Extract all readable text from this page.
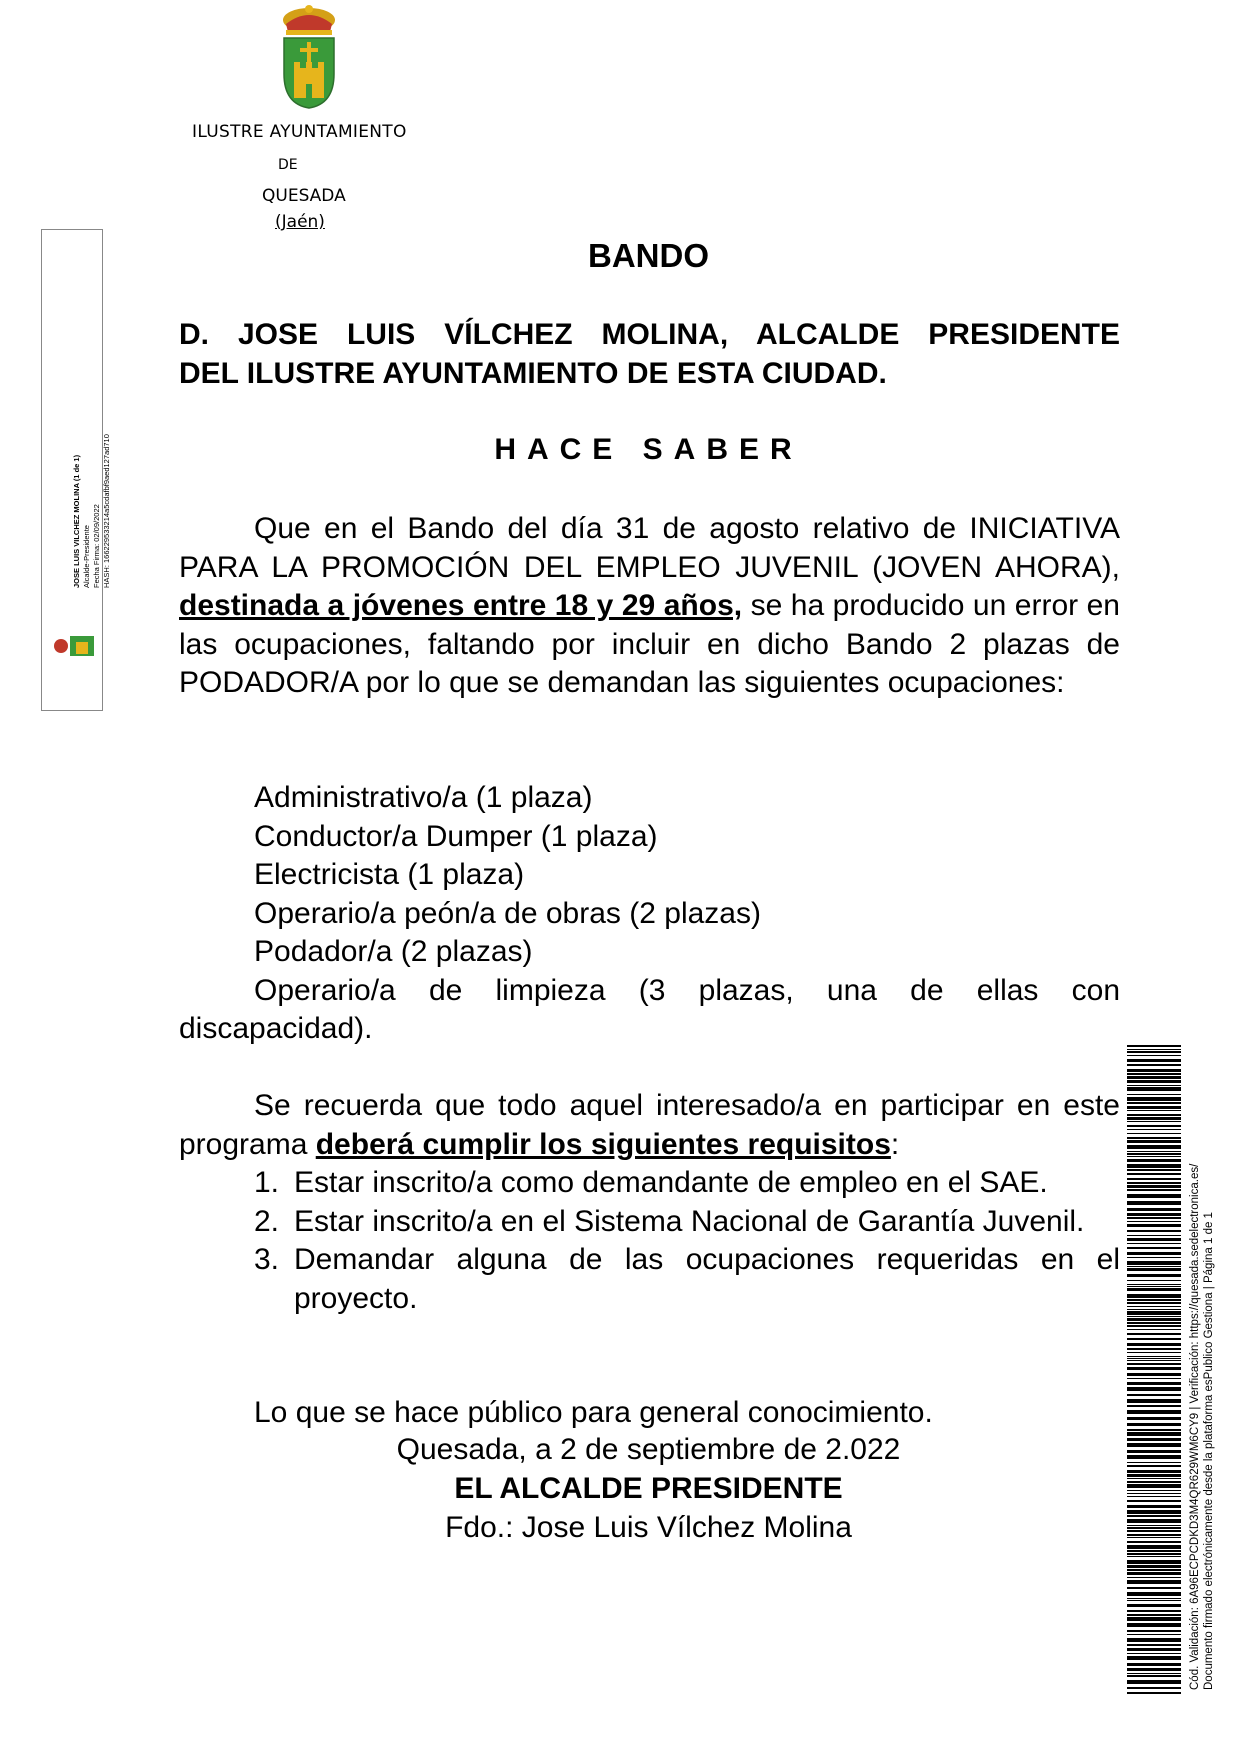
ILUSTRE AYUNTAMIENTO
DE
QUESADA
(Jaén)
JOSE LUIS VILCHEZ MOLINA (1 de 1) Alcalde-Presidente Fecha Firma: 02/09/2022 HASH: 166229533214a5cdafbf9aed127ad710
Cód. Validación: 6A96ECPCDKD3M4QR629WM6CY9 | Verificación: https://quesada.sedelectronica.es/ Documento firmado electrónicamente desde la plataforma esPublico Gestiona | Página 1 de 1
BANDO
D. JOSE LUIS VÍLCHEZ MOLINA, ALCALDE PRESIDENTE
DEL ILUSTRE AYUNTAMIENTO DE ESTA CIUDAD.
HACE SABER
Que en el Bando del día 31 de agosto relativo de INICIATIVA PARA LA PROMOCIÓN DEL EMPLEO JUVENIL (JOVEN AHORA), destinada a jóvenes entre 18 y 29 años, se ha producido un error en las ocupaciones, faltando por incluir en dicho Bando 2 plazas de PODADOR/A por lo que se demandan las siguientes ocupaciones:
Administrativo/a (1 plaza)
Conductor/a Dumper (1 plaza)
Electricista (1 plaza)
Operario/a peón/a de obras (2 plazas)
Podador/a (2 plazas)
Operario/a de limpieza (3 plazas, una de ellas con discapacidad).
Se recuerda que todo aquel interesado/a en participar en este programa deberá cumplir los siguientes requisitos:
1. Estar inscrito/a como demandante de empleo en el SAE.
2. Estar inscrito/a en el Sistema Nacional de Garantía Juvenil.
3. Demandar alguna de las ocupaciones requeridas en el proyecto.
Lo que se hace público para general conocimiento.
Quesada, a 2 de septiembre de 2.022
EL ALCALDE PRESIDENTE
Fdo.: Jose Luis Vílchez Molina
